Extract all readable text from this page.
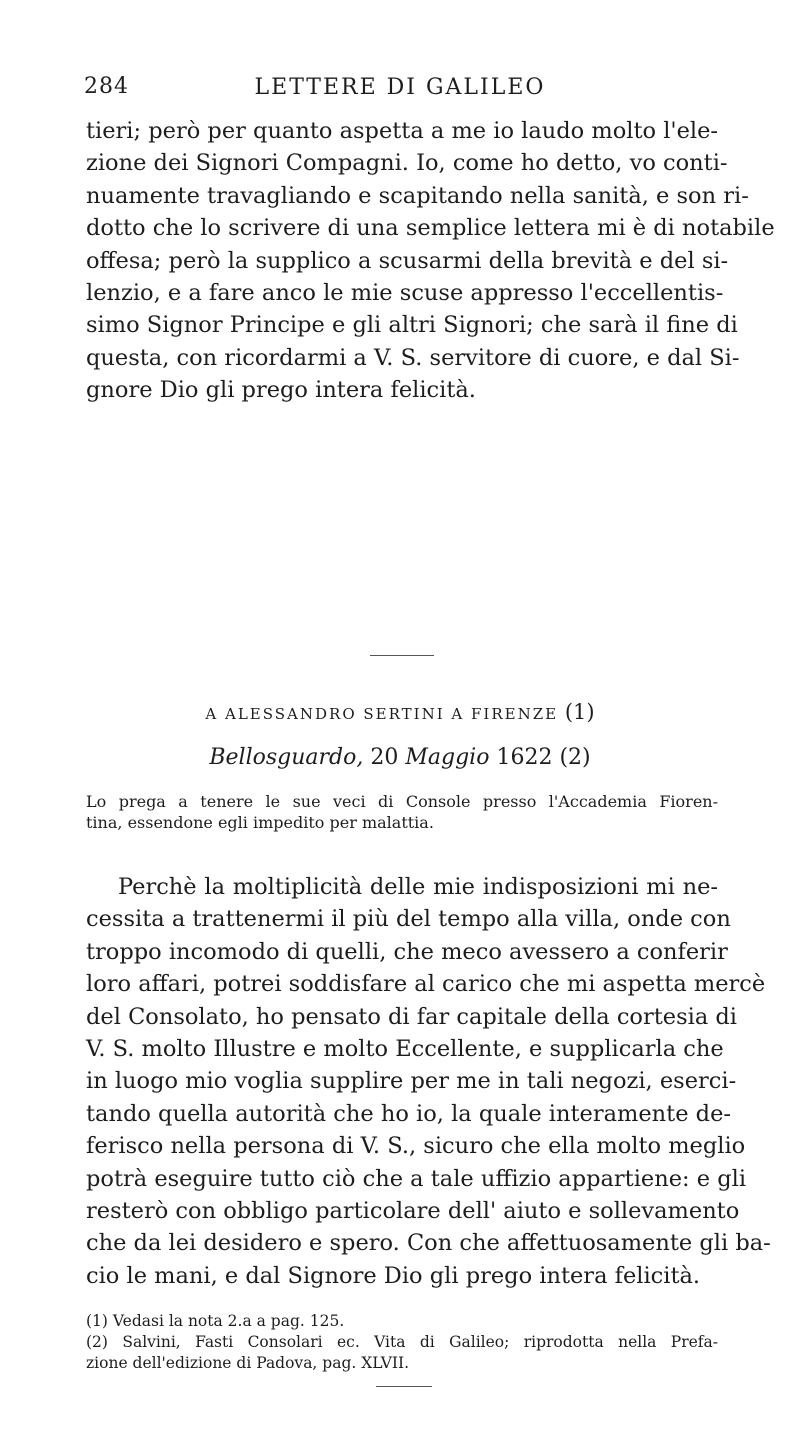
284	LETTERE DI GALILEO
tieri; però per quanto aspetta a me io laudo molto l'ele-
zione dei Signori Compagni. Io, come ho detto, vo conti-
nuamente travagliando e scapitando nella sanità, e son ri-
dotto che lo scrivere di una semplice lettera mi è di notabile
offesa; però la supplico a scusarmi della brevità e del si-
lenzio, e a fare anco le mie scuse appresso l'eccellentis-
simo Signor Principe e gli altri Signori; che sarà il fine di
questa, con ricordarmi a V. S. servitore di cuore, e dal Si-
gnore Dio gli prego intera felicità.
A ALESSANDRO SERTINI A FIRENZE (1)
Bellosguardo, 20 Maggio 1622 (2)
Lo prega a tenere le sue veci di Console presso l'Accademia Fioren-
tina, essendone egli impedito per malattia.
Perchè la moltiplicità delle mie indisposizioni mi ne-
cessita a trattenermi il più del tempo alla villa, onde con
troppo incomodo di quelli, che meco avessero a conferir
loro affari, potrei soddisfare al carico che mi aspetta mercè
del Consolato, ho pensato di far capitale della cortesia di
V. S. molto Illustre e molto Eccellente, e supplicarla che
in luogo mio voglia supplire per me in tali negozi, eserci-
tando quella autorità che ho io, la quale interamente de-
ferisco nella persona di V. S., sicuro che ella molto meglio
potrà eseguire tutto ciò che a tale uffizio appartiene: e gli
resterò con obbligo particolare dell' aiuto e sollevamento
che da lei desidero e spero. Con che affettuosamente gli ba-
cio le mani, e dal Signore Dio gli prego intera felicità.
(1) Vedasi la nota 2.a a pag. 125.
(2) Salvini, Fasti Consolari ec. Vita di Galileo; riprodotta nella Prefa-
zione dell'edizione di Padova, pag. XLVII.
